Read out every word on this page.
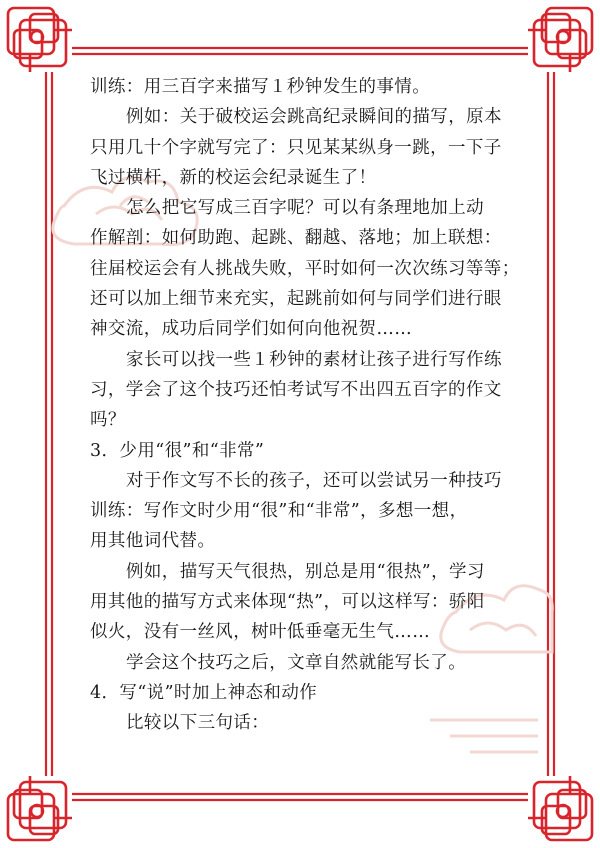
训练：用三百字来描写１秒钟发生的事情。
例如：关于破校运会跳高纪录瞬间的描写，原本
只用几十个字就写完了：只见某某纵身一跳，一下子
飞过横杆，新的校运会纪录诞生了！
怎么把它写成三百字呢？可以有条理地加上动
作解剖：如何助跑、起跳、翻越、落地；加上联想：
往届校运会有人挑战失败，平时如何一次次练习等等；
还可以加上细节来充实，起跳前如何与同学们进行眼
神交流，成功后同学们如何向他祝贺……
家长可以找一些１秒钟的素材让孩子进行写作练
习，学会了这个技巧还怕考试写不出四五百字的作文
吗？
3．少用“很”和“非常”
对于作文写不长的孩子，还可以尝试另一种技巧
训练：写作文时少用“很”和“非常”，多想一想，
用其他词代替。
例如，描写天气很热，别总是用“很热”，学习
用其他的描写方式来体现“热”，可以这样写：骄阳
似火，没有一丝风，树叶低垂毫无生气……
学会这个技巧之后，文章自然就能写长了。
4．写“说”时加上神态和动作
比较以下三句话：
